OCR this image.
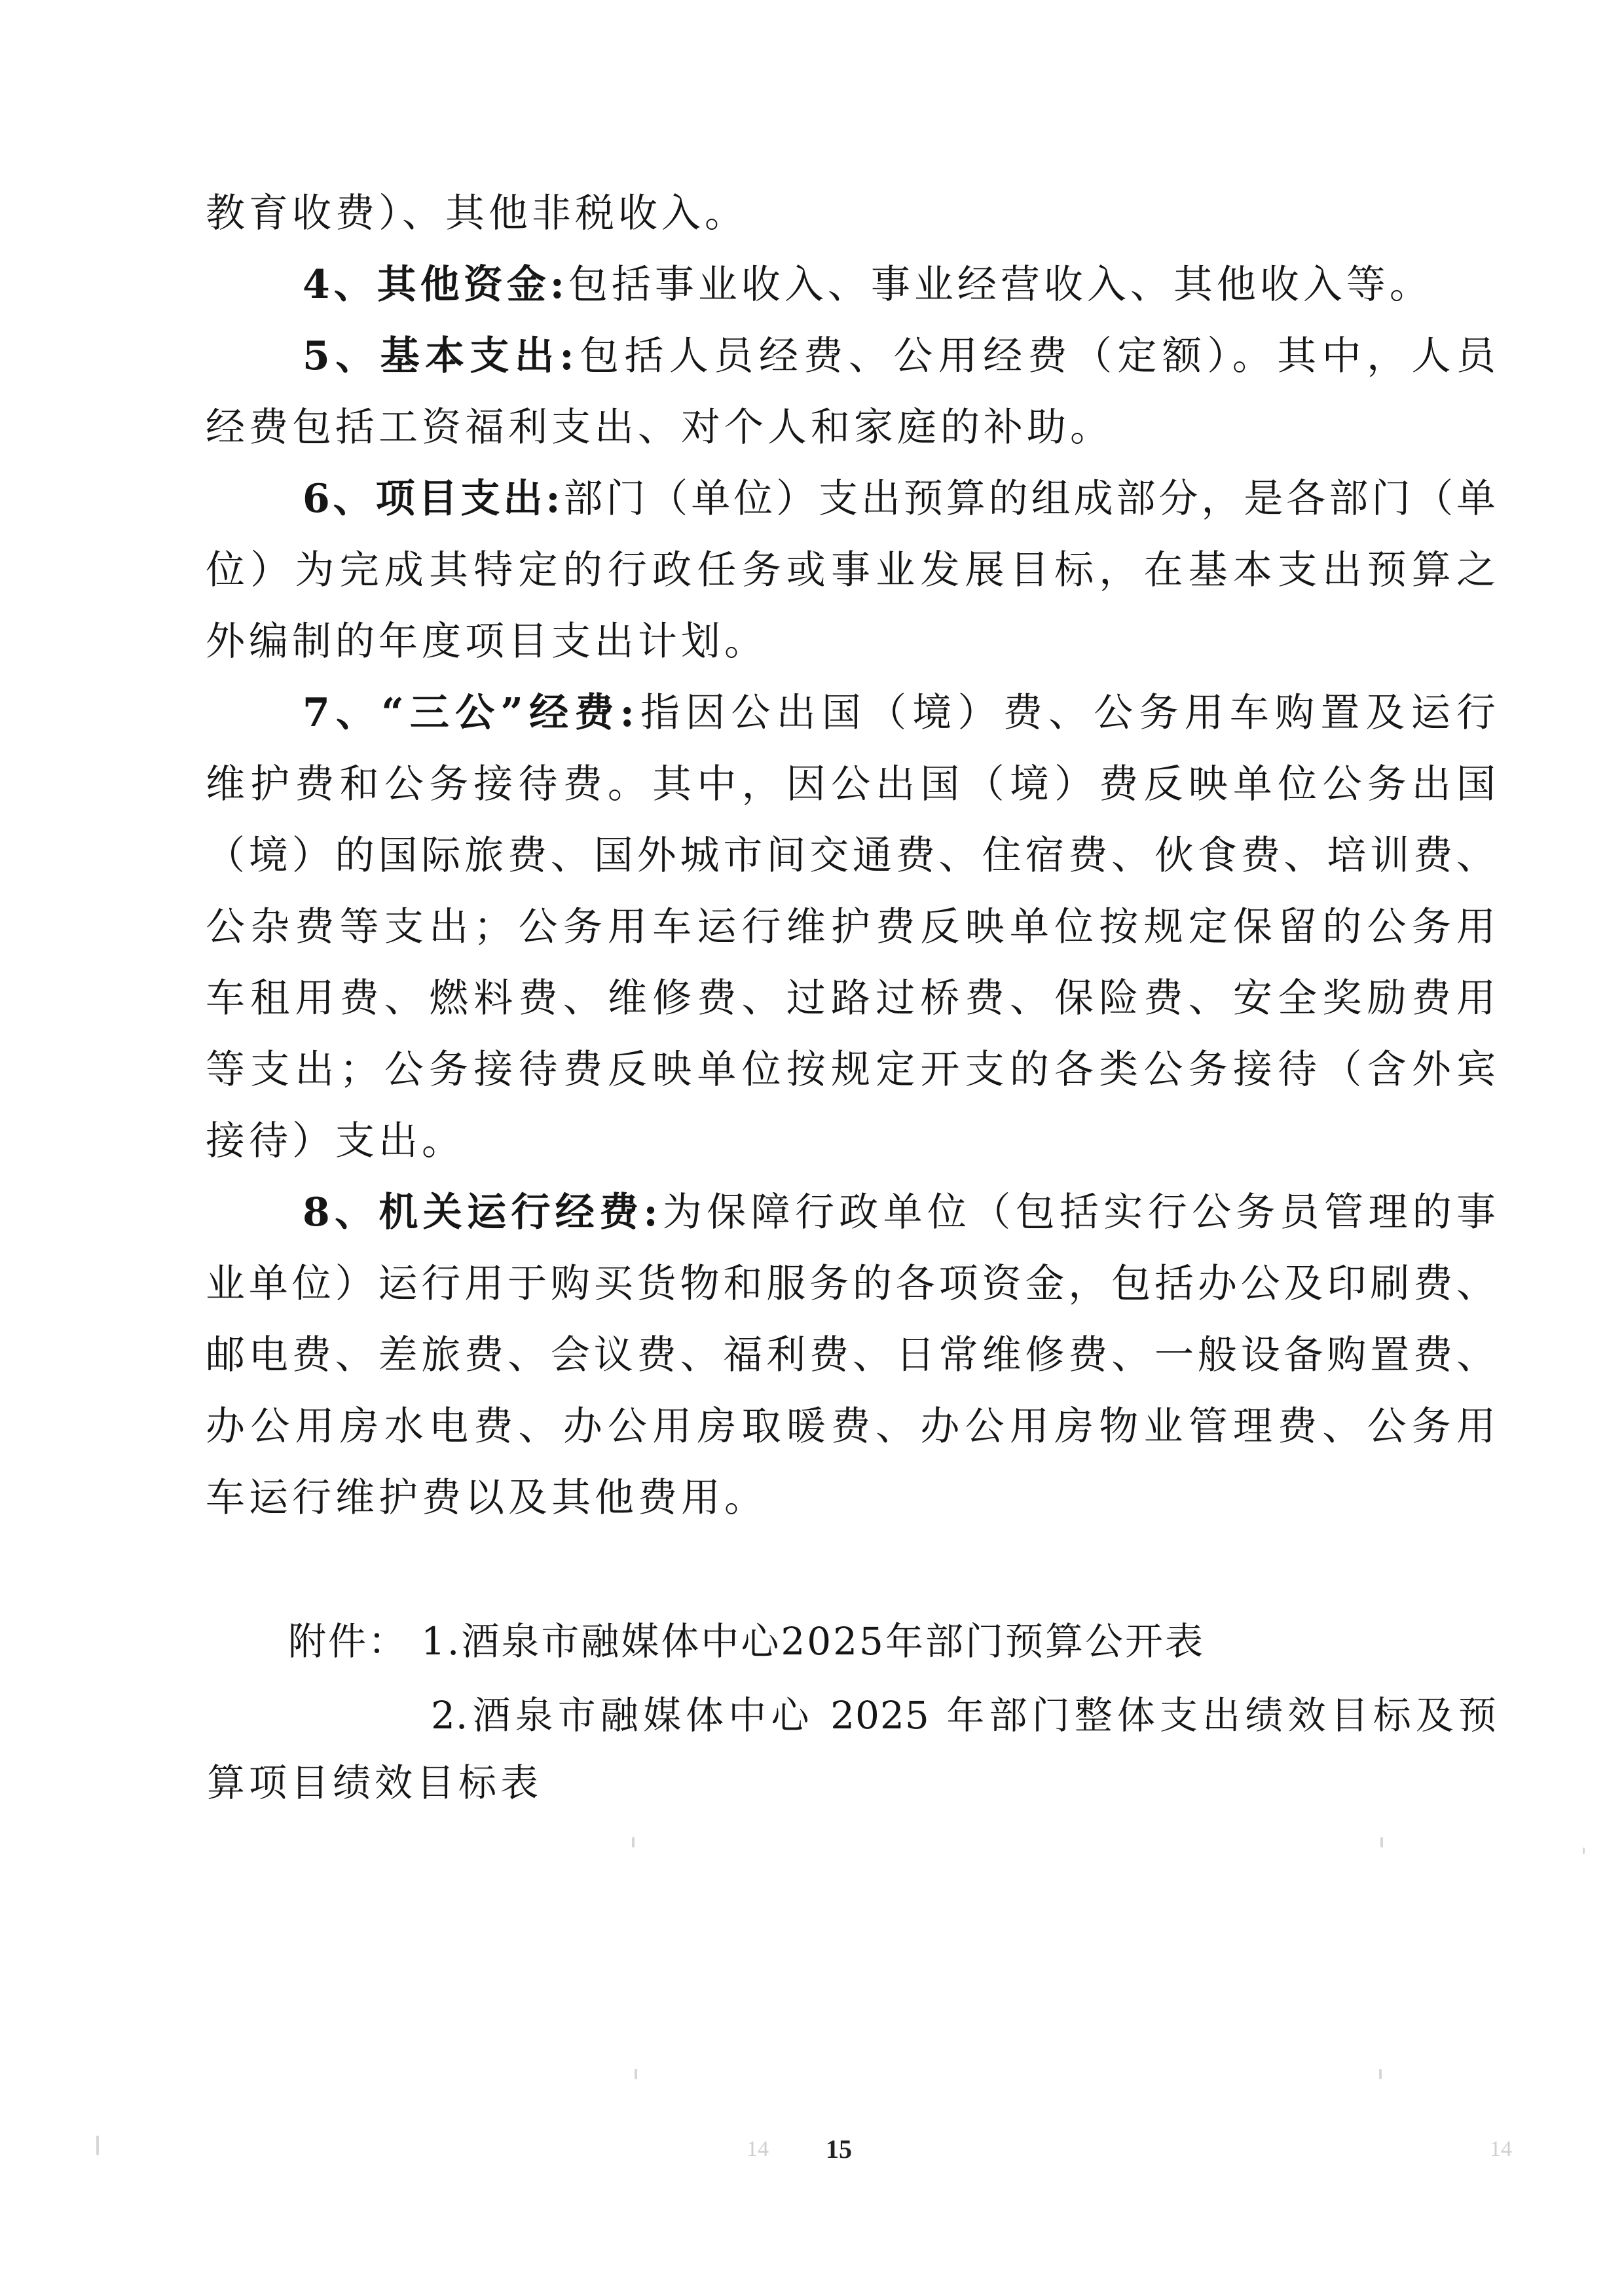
教育收费）、其他非税收入。
4、其他资金:包括事业收入、事业经营收入、其他收入等。
5、基本支出:包括人员经费、公用经费（定额）。其中，人员
经费包括工资福利支出、对个人和家庭的补助。
6、项目支出:部门（单位）支出预算的组成部分，是各部门（单
位）为完成其特定的行政任务或事业发展目标，在基本支出预算之
外编制的年度项目支出计划。
7、“三公”经费:指因公出国（境）费、公务用车购置及运行
维护费和公务接待费。其中，因公出国（境）费反映单位公务出国
（境）的国际旅费、国外城市间交通费、住宿费、伙食费、培训费、
公杂费等支出；公务用车运行维护费反映单位按规定保留的公务用
车租用费、燃料费、维修费、过路过桥费、保险费、安全奖励费用
等支出；公务接待费反映单位按规定开支的各类公务接待（含外宾
接待）支出。
8、机关运行经费:为保障行政单位（包括实行公务员管理的事
业单位）运行用于购买货物和服务的各项资金，包括办公及印刷费、
邮电费、差旅费、会议费、福利费、日常维修费、一般设备购置费、
办公用房水电费、办公用房取暖费、办公用房物业管理费、公务用
车运行维护费以及其他费用。
附件： 1.酒泉市融媒体中心2025年部门预算公开表
2.酒泉市融媒体中心 2025 年部门整体支出绩效目标及预
算项目绩效目标表
14	14
15
